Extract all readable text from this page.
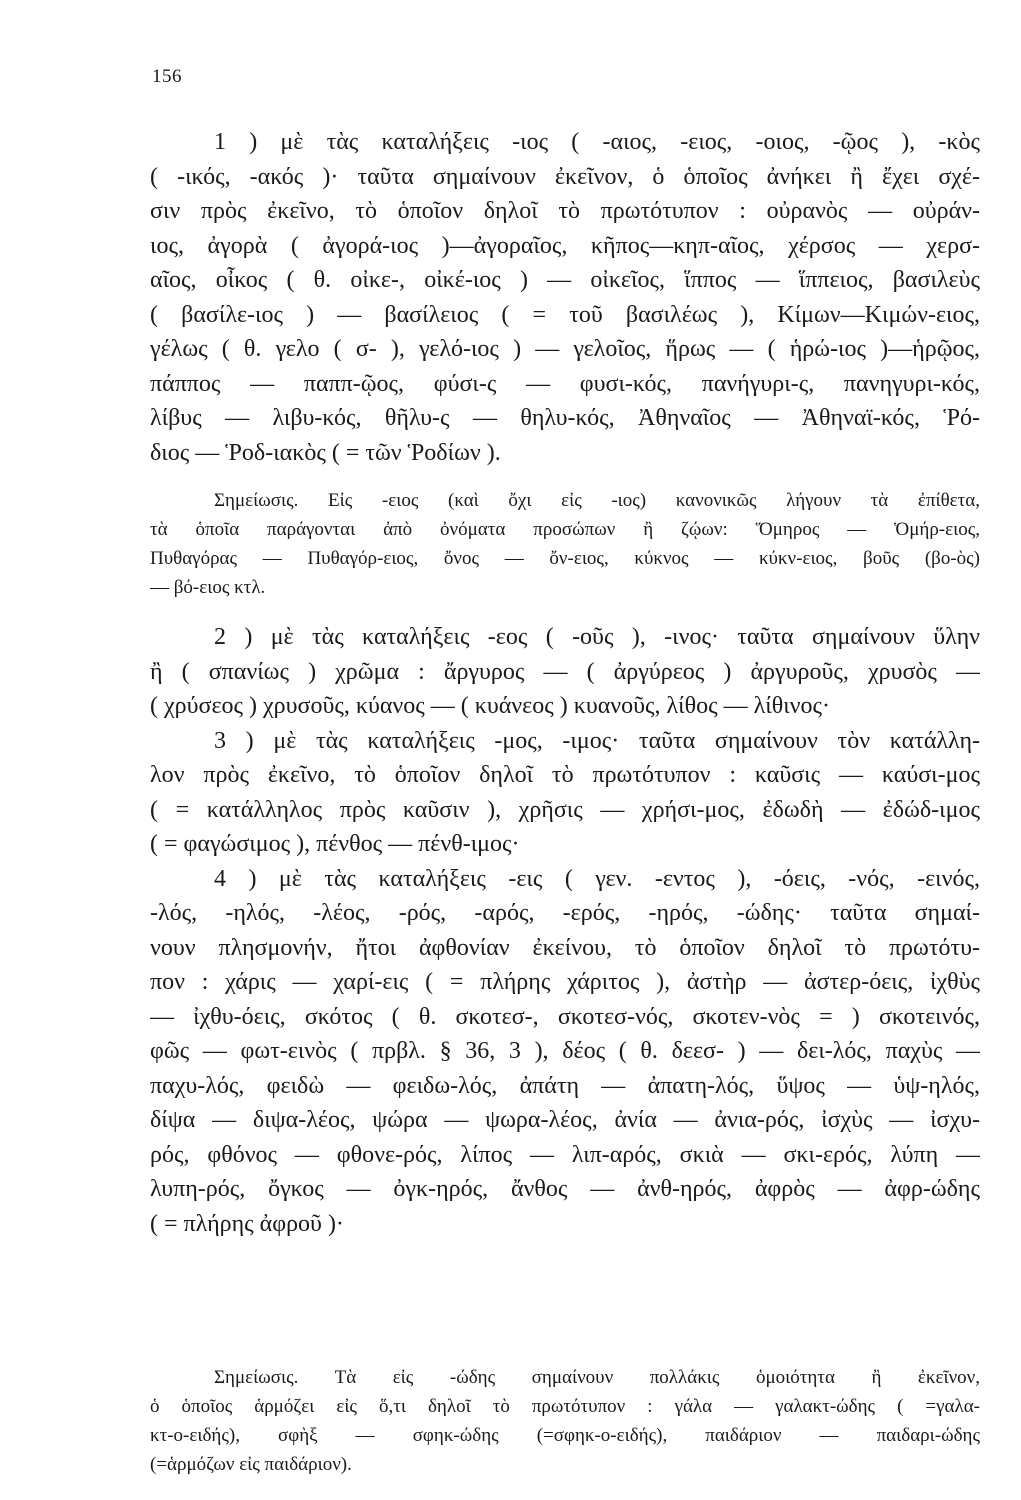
156
1 ) μὲ τὰς καταλήξεις -ιος ( -αιος, -ειος, -οιος, -ῷος ), -κὸς
( -ικός, -ακός )· ταῦτα σημαίνουν ἐκεῖνον, ὁ ὁποῖος ἀνήκει ἢ ἔχει σχέ-
σιν πρὸς ἐκεῖνο, τὸ ὁποῖον δηλοῖ τὸ πρωτότυπον : οὐρανὸς — οὐράν-
ιος, ἀγορὰ ( ἀγορά-ιος )—ἀγοραῖος, κῆπος—κηπ-αῖος, χέρσος — χερσ-
αῖος, οἶκος ( θ. οἰκε-, οἰκέ-ιος ) — οἰκεῖος, ἵππος — ἵππειος, βασιλεὺς
( βασίλε-ιος ) — βασίλειος ( = τοῦ βασιλέως ), Κίμων—Κιμών-ειος,
γέλως ( θ. γελο ( σ- ), γελό-ιος ) — γελοῖος, ἥρως — ( ἡρώ-ιος )—ἡρῷος,
πάππος — παππ-ῷος, φύσι-ς — φυσι-κός, πανήγυρι-ς, πανηγυρι-κός,
λίβυς — λιβυ-κός, θῆλυ-ς — θηλυ-κός, Ἀθηναῖος — Ἀθηναϊ-κός, Ῥό-
διος — Ῥοδ-ιακὸς ( = τῶν Ῥοδίων ).
Σημείωσις. Εἰς -ειος (καὶ ὄχι εἰς -ιος) κανονικῶς λήγουν τὰ ἐπίθετα,
τὰ ὁποῖα παράγονται ἀπὸ ὀνόματα προσώπων ἢ ζῴων: Ὅμηρος — Ὁμήρ-ειος,
Πυθαγόρας — Πυθαγόρ-ειος, ὄνος — ὄν-ειος, κύκνος — κύκν-ειος, βοῦς (βο-ὸς)
— βό-ειος κτλ.
2 ) μὲ τὰς καταλήξεις -εος ( -οῦς ), -ινος· ταῦτα σημαίνουν ὕλην
ἢ ( σπανίως ) χρῶμα : ἄργυρος — ( ἀργύρεος ) ἀργυροῦς, χρυσὸς —
( χρύσεος ) χρυσοῦς, κύανος — ( κυάνεος ) κυανοῦς, λίθος — λίθινος·
3 ) μὲ τὰς καταλήξεις -μος, -ιμος· ταῦτα σημαίνουν τὸν κατάλλη-
λον πρὸς ἐκεῖνο, τὸ ὁποῖον δηλοῖ τὸ πρωτότυπον : καῦσις — καύσι-μος
( = κατάλληλος πρὸς καῦσιν ), χρῆσις — χρήσι-μος, ἐδωδὴ — ἐδώδ-ιμος
( = φαγώσιμος ), πένθος — πένθ-ιμος·
4 ) μὲ τὰς καταλήξεις -εις ( γεν. -εντος ), -όεις, -νός, -εινός,
-λός, -ηλός, -λέος, -ρός, -αρός, -ερός, -ηρός, -ώδης· ταῦτα σημαί-
νουν πλησμονήν, ἤτοι ἀφθονίαν ἐκείνου, τὸ ὁποῖον δηλοῖ τὸ πρωτότυ-
πον : χάρις — χαρί-εις ( = πλήρης χάριτος ), ἀστὴρ — ἀστερ-όεις, ἰχθὺς
— ἰχθυ-όεις, σκότος ( θ. σκοτεσ-, σκοτεσ-νός, σκοτεν-νὸς = ) σκοτεινός,
φῶς — φωτ-εινὸς ( πρβλ. § 36, 3 ), δέος ( θ. δεεσ- ) — δει-λός, παχὺς —
παχυ-λός, φειδὼ — φειδω-λός, ἀπάτη — ἀπατη-λός, ὕψος — ὑψ-ηλός,
δίψα — διψα-λέος, ψώρα — ψωρα-λέος, ἀνία — ἀνια-ρός, ἰσχὺς — ἰσχυ-
ρός, φθόνος — φθονε-ρός, λίπος — λιπ-αρός, σκιὰ — σκι-ερός, λύπη —
λυπη-ρός, ὄγκος — ὀγκ-ηρός, ἄνθος — ἀνθ-ηρός, ἀφρὸς — ἀφρ-ώδης
( = πλήρης ἀφροῦ )·
Σημείωσις. Τὰ εἰς -ώδης σημαίνουν πολλάκις ὁμοιότητα ἢ ἐκεῖνον,
ὁ ὁποῖος ἁρμόζει εἰς ὅ,τι δηλοῖ τὸ πρωτότυπον : γάλα — γαλακτ-ώδης ( =γαλα-
κτ-ο-ειδής), σφὴξ — σφηκ-ώδης (=σφηκ-ο-ειδής), παιδάριον — παιδαρι-ώδης
(=ἁρμόζων εἰς παιδάριον).
